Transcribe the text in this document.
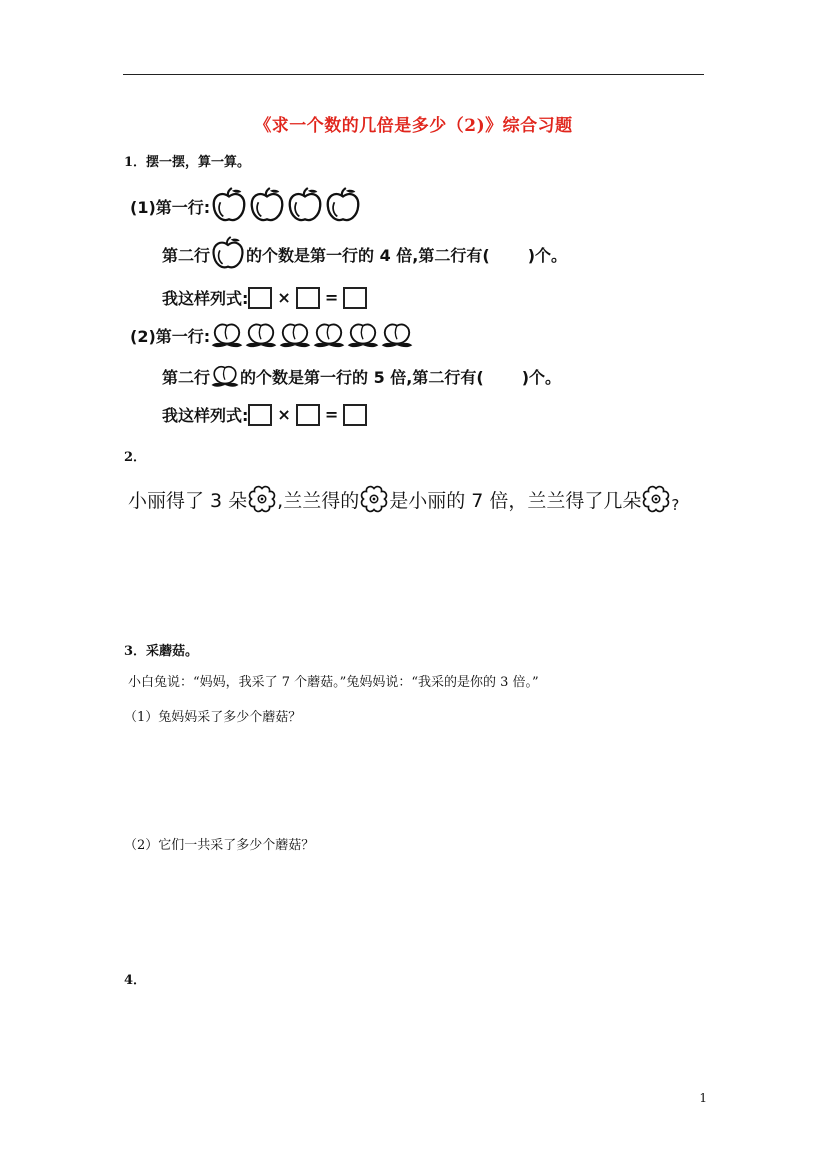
《求一个数的几倍是多少（2)》综合习题
1．摆一摆，算一算。
(1)第一行:
第二行 的个数是第一行的 4 倍,第二行有( )个。
我这样列式: × =
(2)第一行:
第二行 的个数是第一行的 5 倍,第二行有( )个。
我这样列式: × =
2．
小丽得了 3 朵 ,兰兰得的 是小丽的 7 倍，兰兰得了几朵 ?
3．采蘑菇。
小白兔说：“妈妈，我采了 7 个蘑菇。”兔妈妈说：“我采的是你的 3 倍。”
（1）兔妈妈采了多少个蘑菇？
（2）它们一共采了多少个蘑菇？
4．
1
